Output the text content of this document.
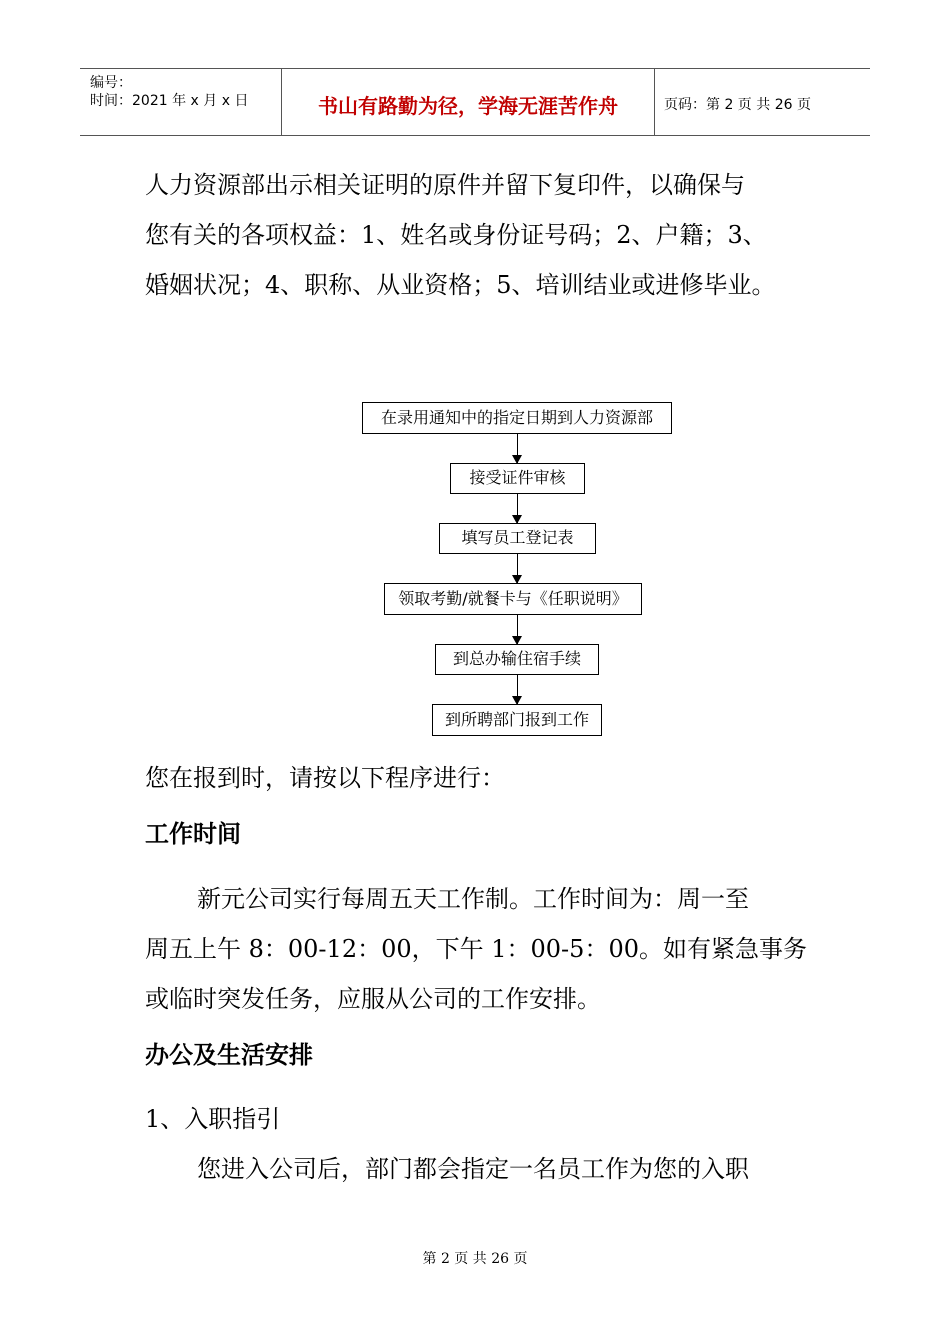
编号：
时间：2021 年 x 月 x 日	书山有路勤为径，学海无涯苦作舟	页码：第 2 页 共 26 页
人力资源部出示相关证明的原件并留下复印件，以确保与
您有关的各项权益：1、姓名或身份证号码；2、户籍；3、
婚姻状况；4、职称、从业资格；5、培训结业或进修毕业。
在录用通知中的指定日期到人力资源部
接受证件审核
填写员工登记表
领取考勤/就餐卡与《任职说明》
到总办输住宿手续
到所聘部门报到工作
您在报到时，请按以下程序进行：
工作时间
新元公司实行每周五天工作制。工作时间为：周一至
周五上午 8：00-12：00，下午 1：00-5：00。如有紧急事务
或临时突发任务，应服从公司的工作安排。
办公及生活安排
1、入职指引
您进入公司后，部门都会指定一名员工作为您的入职
第 2 页 共 26 页
